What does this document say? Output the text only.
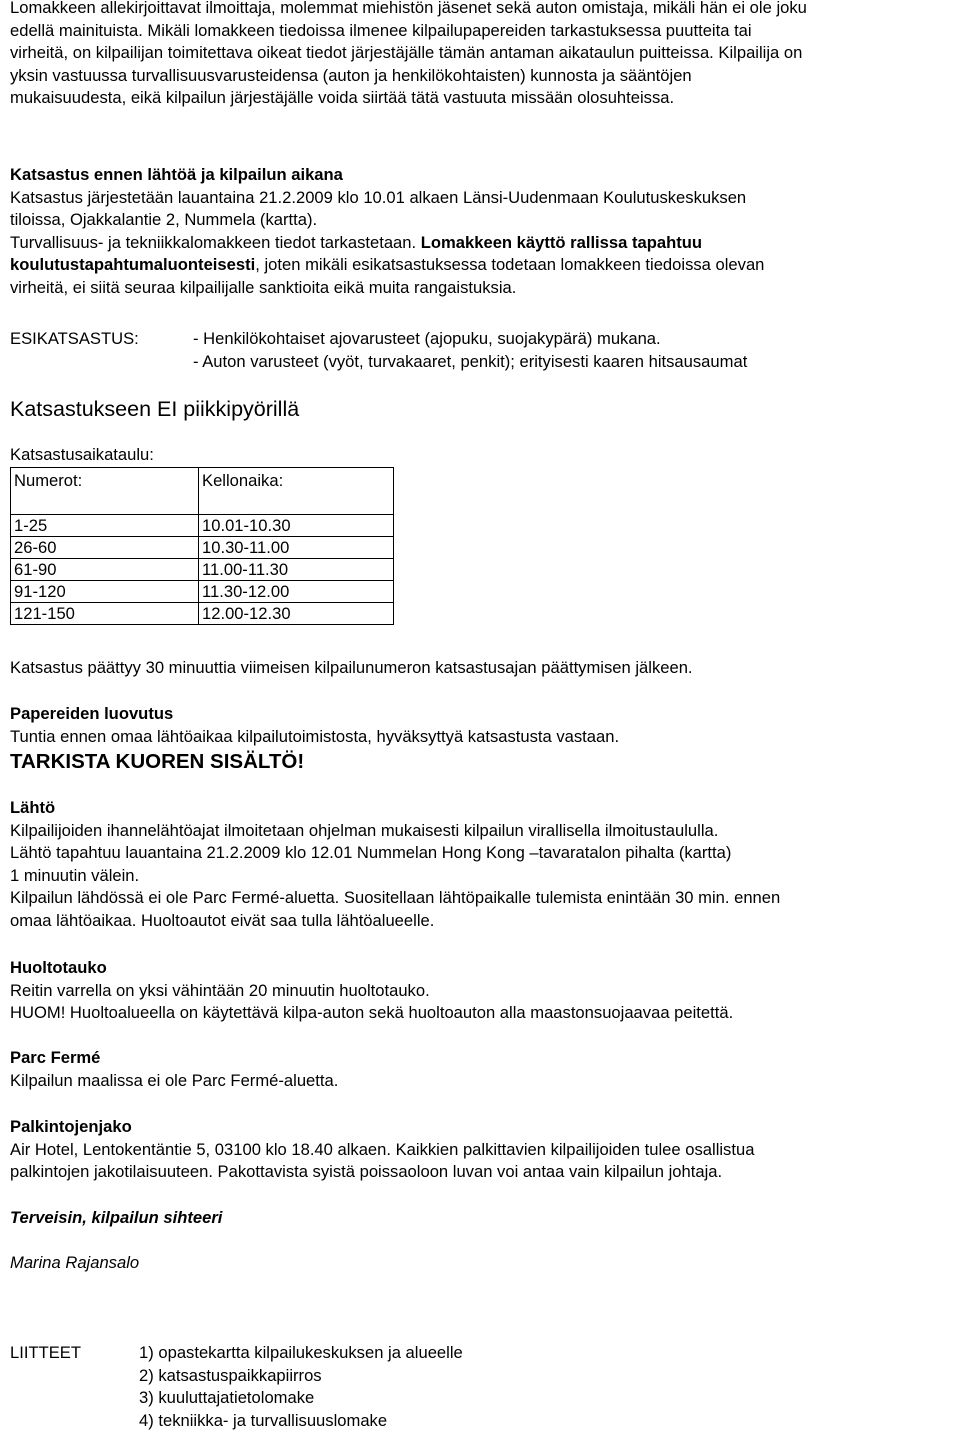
Lomakkeen allekirjoittavat ilmoittaja, molemmat miehistön jäsenet sekä auton omistaja, mikäli hän ei ole joku

edellä mainituista. Mikäli lomakkeen tiedoissa ilmenee kilpailupapereiden tarkastuksessa puutteita tai

virheitä, on kilpailijan toimitettava oikeat tiedot järjestäjälle tämän antaman aikataulun puitteissa. Kilpailija on

yksin vastuussa turvallisuusvarusteidensa (auton ja henkilökohtaisten) kunnosta ja sääntöjen

mukaisuudesta, eikä kilpailun järjestäjälle voida siirtää tätä vastuuta missään olosuhteissa.

Katsastus ennen lähtöä ja kilpailun aikana

Katsastus järjestetään lauantaina 21.2.2009 klo 10.01 alkaen Länsi-Uudenmaan Koulutuskeskuksen

tiloissa, Ojakkalantie 2, Nummela (kartta).

Turvallisuus- ja tekniikkalomakkeen tiedot tarkastetaan. Lomakkeen käyttö rallissa tapahtuu

koulutustapahtumaluonteisesti, joten mikäli esikatsastuksessa todetaan lomakkeen tiedoissa olevan

virheitä, ei siitä seuraa kilpailijalle sanktioita eikä muita rangaistuksia.

ESIKATSASTUS:	- Henkilökohtaiset ajovarusteet (ajopuku, suojakypärä) mukana.
- Auton varusteet (vyöt, turvakaaret, penkit); erityisesti kaaren hitsausaumat
Katsastukseen EI piikkipyörillä
Katsastusaikataulu:
Numerot:	Kellonaika:
1-25	10.01-10.30
26-60	10.30-11.00
61-90	11.00-11.30
91-120	11.30-12.00
121-150	12.00-12.30
Katsastus päättyy 30 minuuttia viimeisen kilpailunumeron katsastusajan päättymisen jälkeen.

Papereiden luovutus

Tuntia ennen omaa lähtöaikaa kilpailutoimistosta, hyväksyttyä katsastusta vastaan.

TARKISTA KUOREN SISÄLTÖ!

Lähtö

Kilpailijoiden ihannelähtöajat ilmoitetaan ohjelman mukaisesti kilpailun virallisella ilmoitustaululla.

Lähtö tapahtuu lauantaina 21.2.2009 klo 12.01 Nummelan Hong Kong –tavaratalon pihalta (kartta)

1 minuutin välein.

Kilpailun lähdössä ei ole Parc Fermé-aluetta. Suositellaan lähtöpaikalle tulemista enintään 30 min. ennen

omaa lähtöaikaa. Huoltoautot eivät saa tulla lähtöalueelle.

Huoltotauko

Reitin varrella on yksi vähintään 20 minuutin huoltotauko.

HUOM! Huoltoalueella on käytettävä kilpa-auton sekä huoltoauton alla maastonsuojaavaa peitettä.

Parc Fermé

Kilpailun maalissa ei ole Parc Fermé-aluetta.

Palkintojenjako

Air Hotel, Lentokentäntie 5, 03100 klo 18.40 alkaen. Kaikkien palkittavien kilpailijoiden tulee osallistua

palkintojen jakotilaisuuteen. Pakottavista syistä poissaoloon luvan voi antaa vain kilpailun johtaja.

Terveisin, kilpailun sihteeri
Marina Rajansalo
LIITTEET	1) opastekartta kilpailukeskuksen ja alueelle

2) katsastuspaikkapiirros

3) kuuluttajatietolomake

4) tekniikka- ja turvallisuuslomake
